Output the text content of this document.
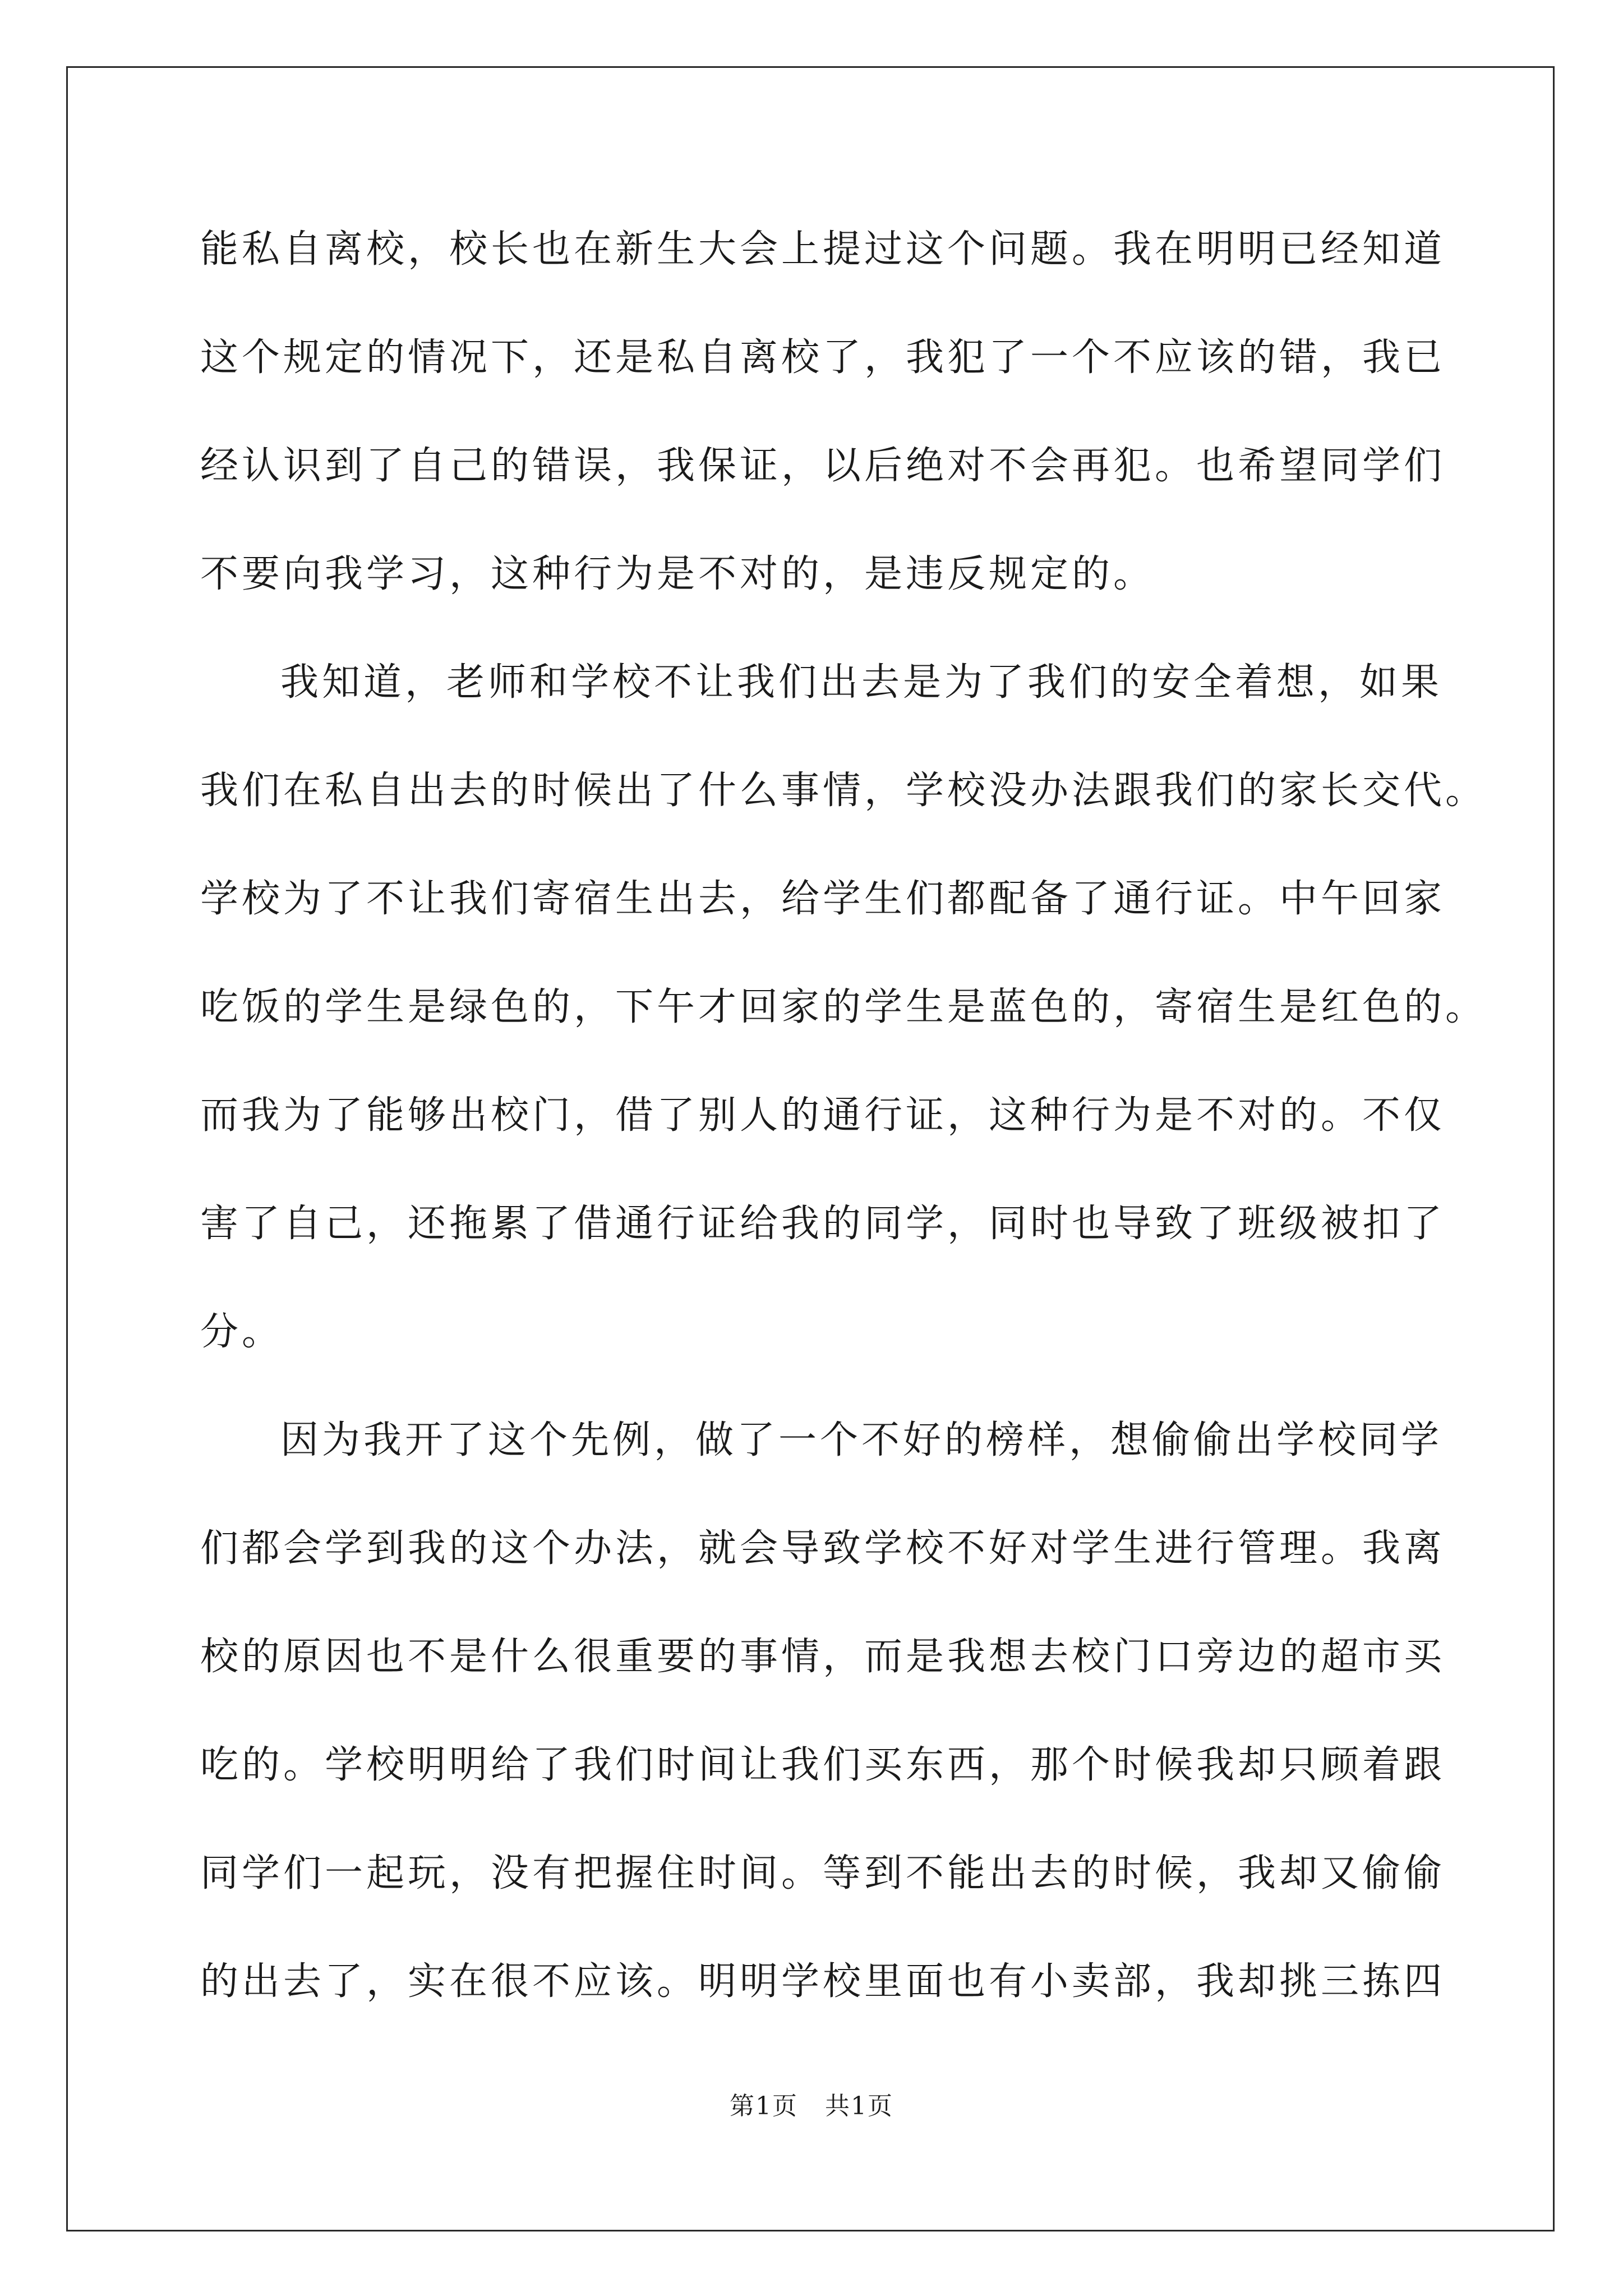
能私自离校，校长也在新生大会上提过这个问题。我在明明已经知道

这个规定的情况下，还是私自离校了，我犯了一个不应该的错，我已

经认识到了自己的错误，我保证，以后绝对不会再犯。也希望同学们

不要向我学习，这种行为是不对的，是违反规定的。

我知道，老师和学校不让我们出去是为了我们的安全着想，如果

我们在私自出去的时候出了什么事情，学校没办法跟我们的家长交代。

学校为了不让我们寄宿生出去，给学生们都配备了通行证。中午回家

吃饭的学生是绿色的，下午才回家的学生是蓝色的，寄宿生是红色的。

而我为了能够出校门，借了别人的通行证，这种行为是不对的。不仅

害了自己，还拖累了借通行证给我的同学，同时也导致了班级被扣了

分。

因为我开了这个先例，做了一个不好的榜样，想偷偷出学校同学

们都会学到我的这个办法，就会导致学校不好对学生进行管理。我离

校的原因也不是什么很重要的事情，而是我想去校门口旁边的超市买

吃的。学校明明给了我们时间让我们买东西，那个时候我却只顾着跟

同学们一起玩，没有把握住时间。等到不能出去的时候，我却又偷偷

的出去了，实在很不应该。明明学校里面也有小卖部，我却挑三拣四

第1页 共1页
